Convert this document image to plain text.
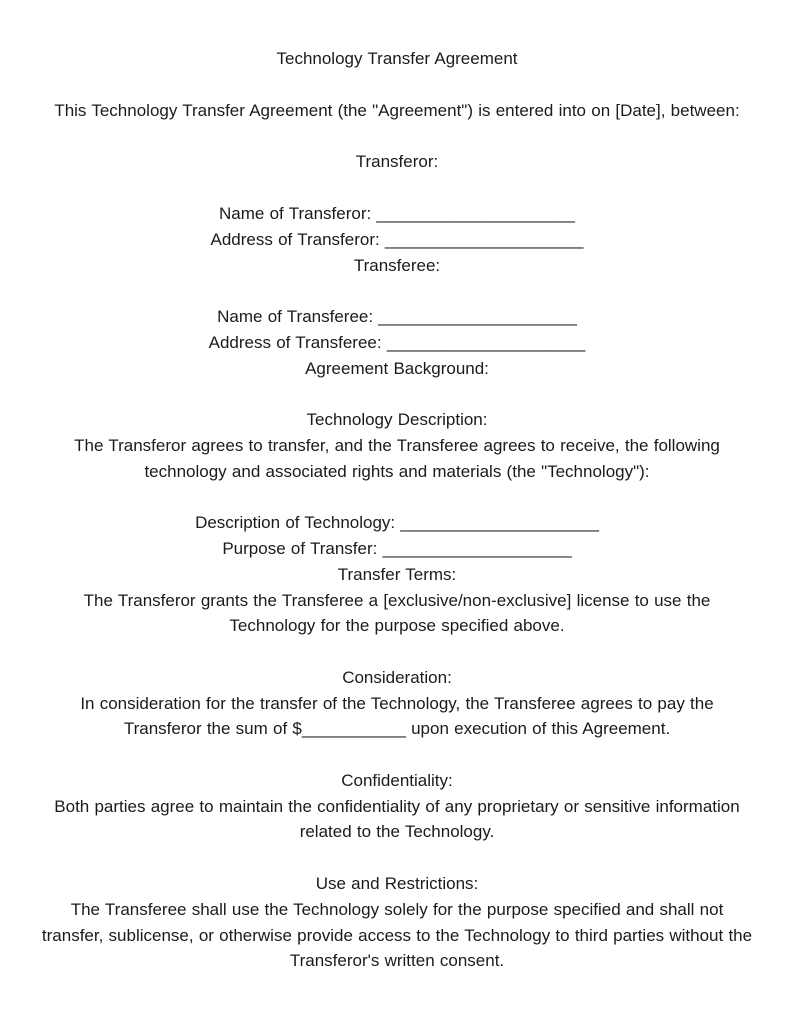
Technology Transfer Agreement

This Technology Transfer Agreement (the "Agreement") is entered into on [Date], between:

Transferor:

Name of Transferor: _____________________

Address of Transferor: _____________________

Transferee:

Name of Transferee: _____________________

Address of Transferee: _____________________

Agreement Background:

Technology Description:

The Transferor agrees to transfer, and the Transferee agrees to receive, the following technology and associated rights and materials (the "Technology"):

Description of Technology: _____________________

Purpose of Transfer: ____________________

Transfer Terms:

The Transferor grants the Transferee a [exclusive/non-exclusive] license to use the Technology for the purpose specified above.

Consideration:

In consideration for the transfer of the Technology, the Transferee agrees to pay the Transferor the sum of $___________ upon execution of this Agreement.

Confidentiality:

Both parties agree to maintain the confidentiality of any proprietary or sensitive information related to the Technology.

Use and Restrictions:

The Transferee shall use the Technology solely for the purpose specified and shall not transfer, sublicense, or otherwise provide access to the Technology to third parties without the Transferor's written consent.
